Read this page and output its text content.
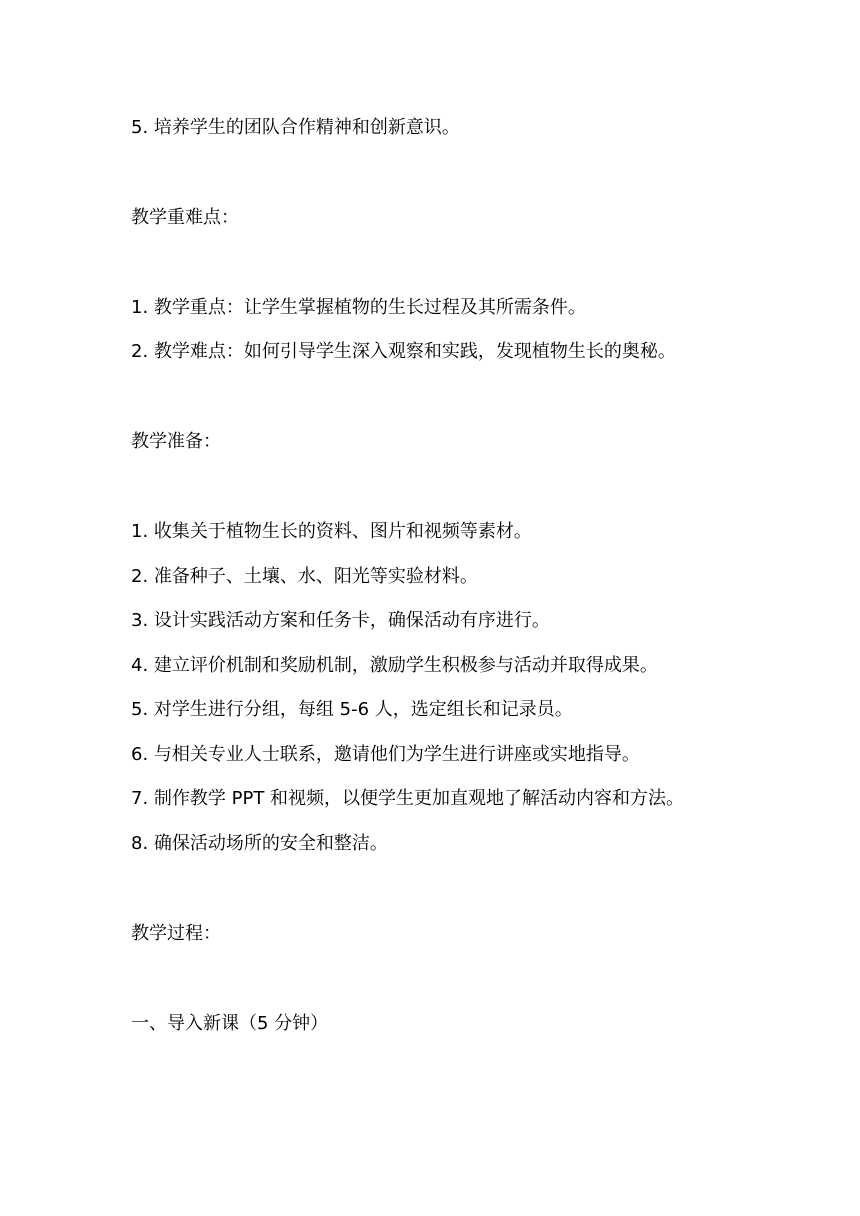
5. 培养学生的团队合作精神和创新意识。
教学重难点：
1. 教学重点：让学生掌握植物的生长过程及其所需条件。
2. 教学难点：如何引导学生深入观察和实践，发现植物生长的奥秘。
教学准备：
1. 收集关于植物生长的资料、图片和视频等素材。
2. 准备种子、土壤、水、阳光等实验材料。
3. 设计实践活动方案和任务卡，确保活动有序进行。
4. 建立评价机制和奖励机制，激励学生积极参与活动并取得成果。
5. 对学生进行分组，每组 5-6 人，选定组长和记录员。
6. 与相关专业人士联系，邀请他们为学生进行讲座或实地指导。
7. 制作教学 PPT 和视频，以便学生更加直观地了解活动内容和方法。
8. 确保活动场所的安全和整洁。
教学过程：
一、导入新课（5 分钟）
